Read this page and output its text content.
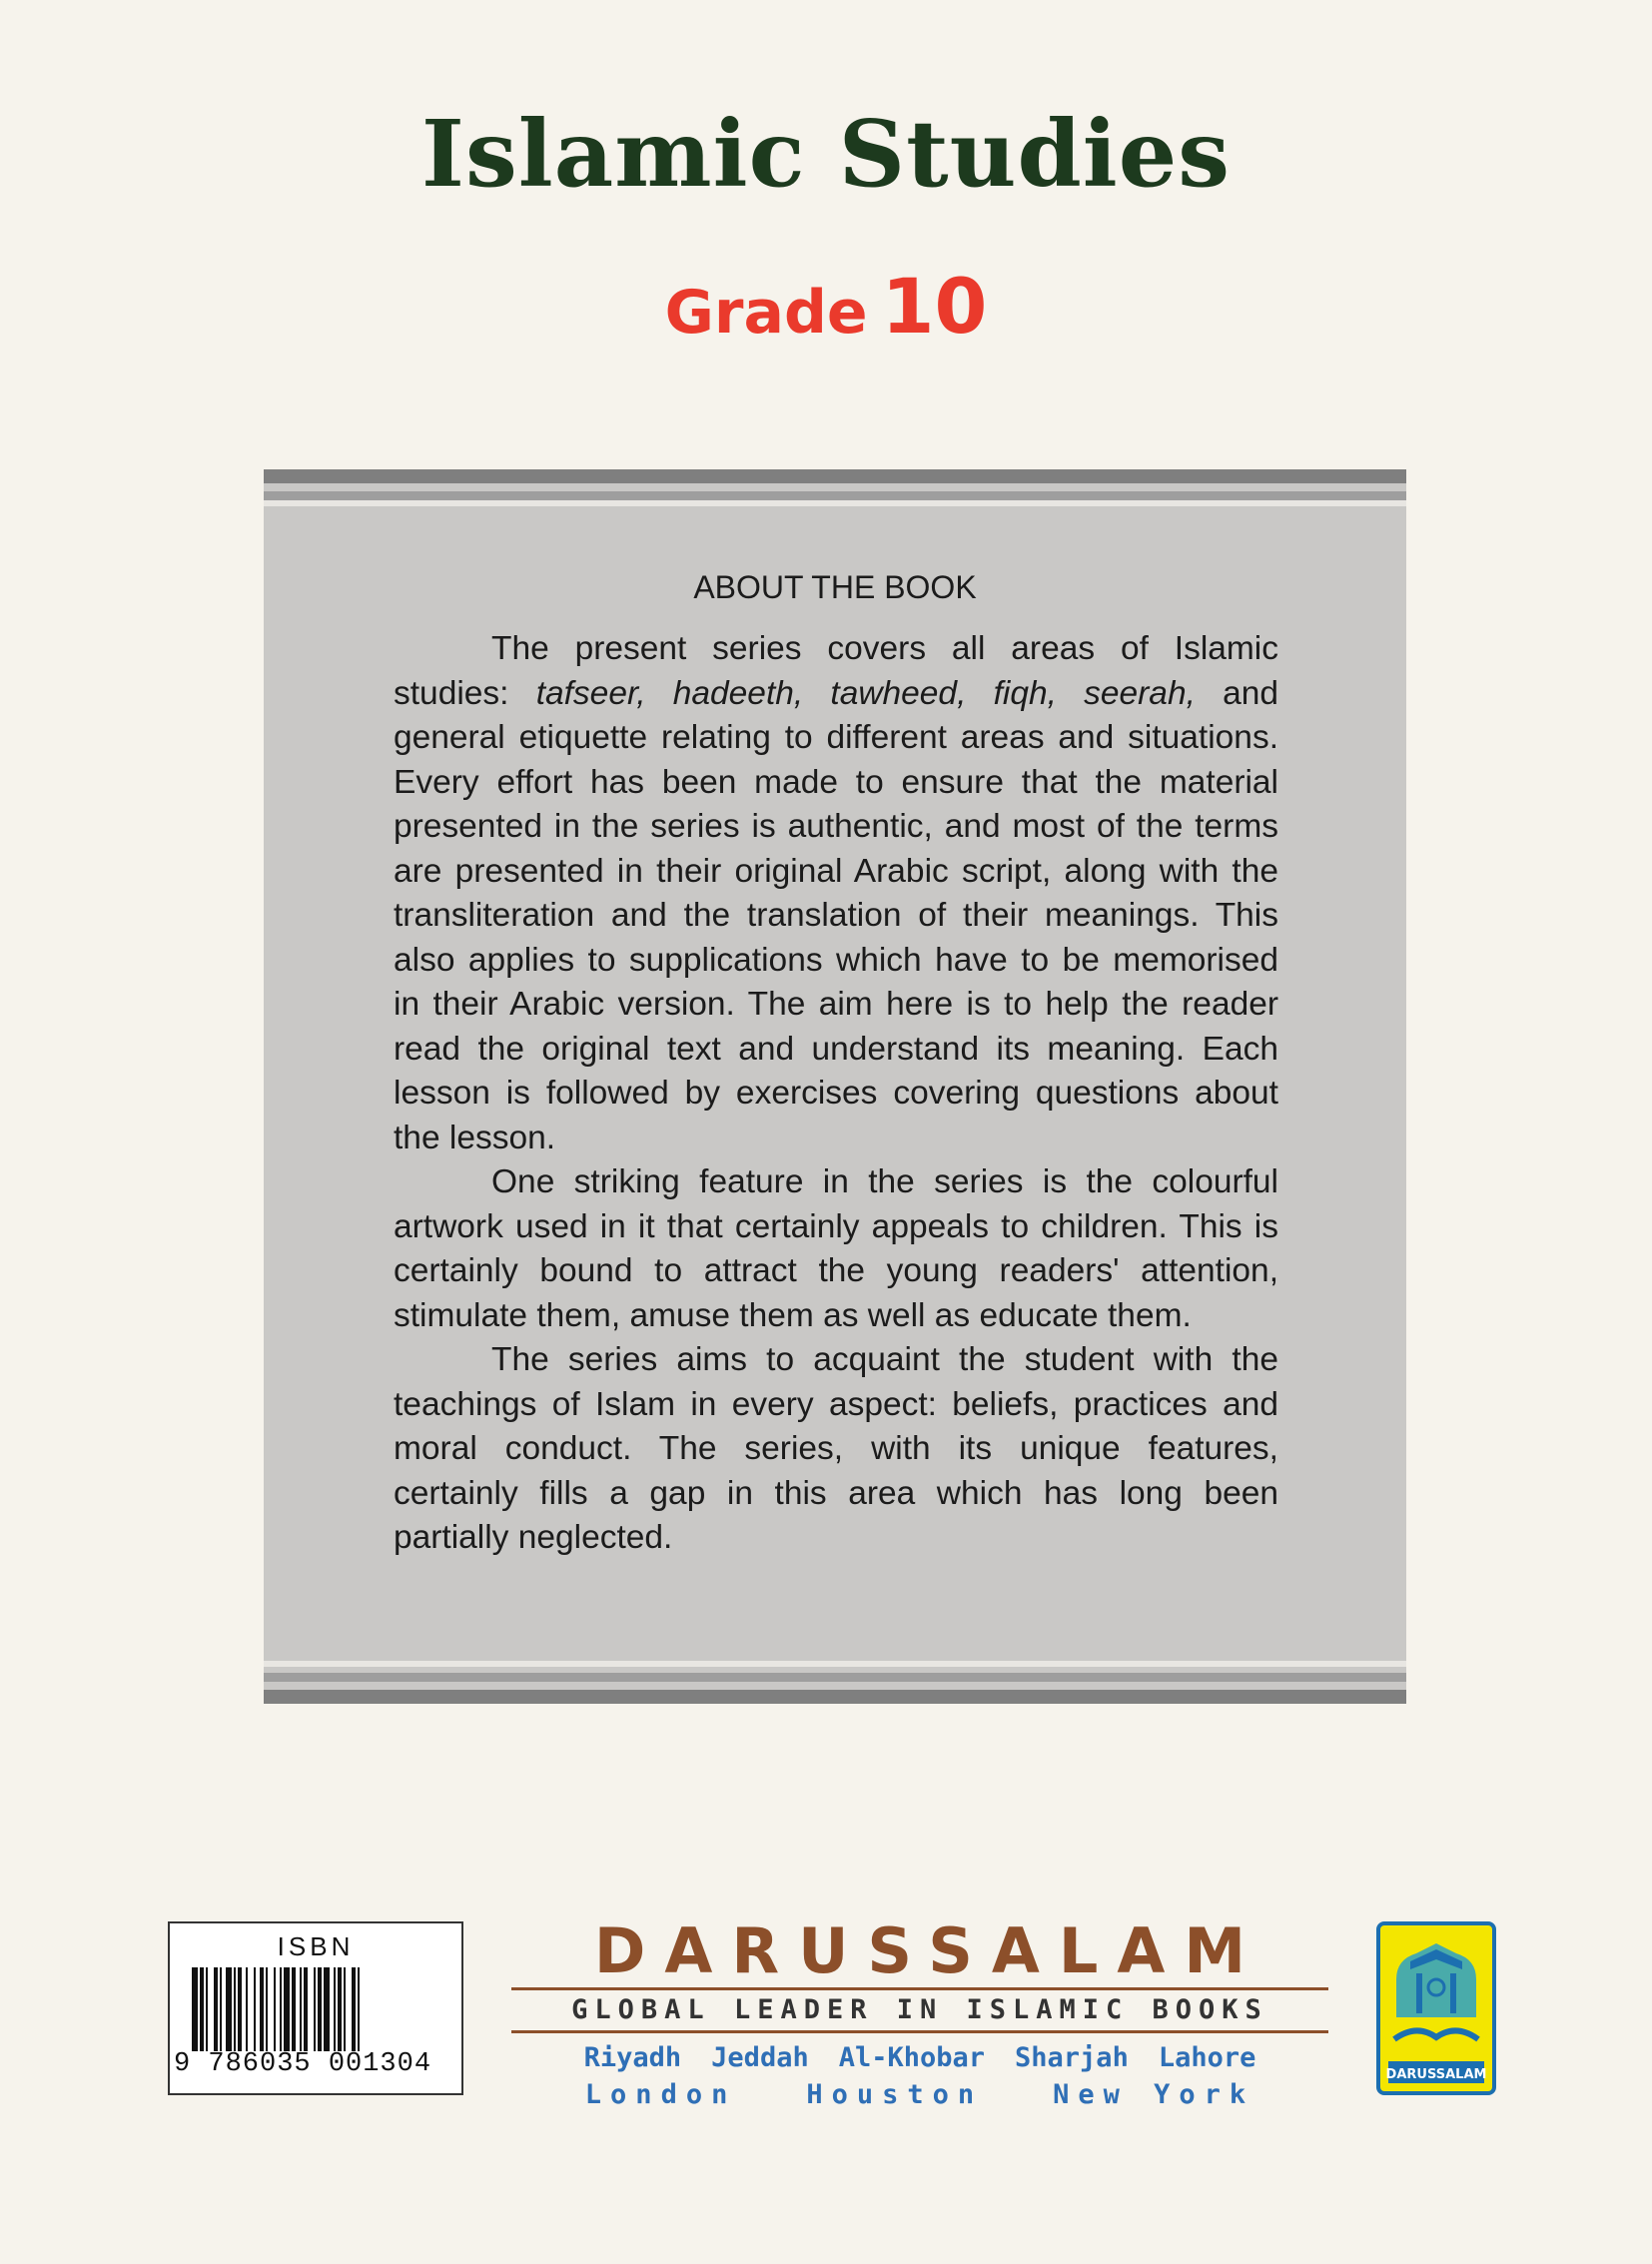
Islamic Studies
Grade 10
ABOUT THE BOOK

The present series covers all areas of Islamic studies: tafseer, hadeeth, tawheed, fiqh, seerah, and general etiquette relating to different areas and situations. Every effort has been made to ensure that the material presented in the series is authentic, and most of the terms are presented in their original Arabic script, along with the transliteration and the translation of their meanings. This also applies to supplications which have to be memorised in their Arabic version. The aim here is to help the reader read the original text and understand its meaning. Each lesson is followed by exercises covering questions about the lesson.

One striking feature in the series is the colourful artwork used in it that certainly appeals to children. This is certainly bound to attract the young readers' attention, stimulate them, amuse them as well as educate them.

The series aims to acquaint the student with the teachings of Islam in every aspect: beliefs, practices and moral conduct. The series, with its unique features, certainly fills a gap in this area which has long been partially neglected.

ISBN
9 786035 001304
DARUSSALAM
GLOBAL LEADER IN ISLAMIC BOOKS
Riyadh Jeddah Al-Khobar Sharjah Lahore
London	Houston	New York
DARUSSALAM
